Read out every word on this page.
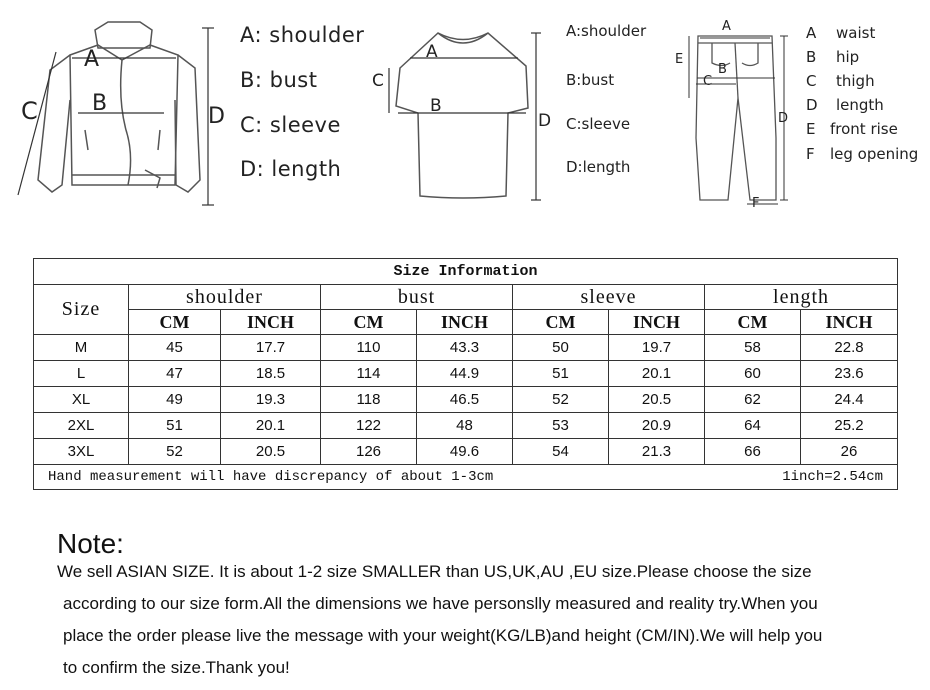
A
B
C	D
A: shoulder
B: bust
C: sleeve
D: length
A
B
C
D
A:shoulder
B:bust
C:sleeve
D:length
A
B
C
D
E
F
A waist
B hip
C thigh
D length
E front rise
F leg opening
Size Information								
Size	shoulder		bust		sleeve		length	
	CM	INCH	CM	INCH	CM	INCH	CM	INCH
M	45	17.7	110	43.3	50	19.7	58	22.8
L	47	18.5	114	44.9	51	20.1	60	23.6
XL	49	19.3	118	46.5	52	20.5	62	24.4
2XL	51	20.1	122	48	53	20.9	64	25.2
3XL	52	20.5	126	49.6	54	21.3	66	26
Hand measurement will have discrepancy of about 1-3cm 1inch=2.54cm								
Note:
We sell ASIAN SIZE. It is about 1-2 size SMALLER than US,UK,AU ,EU size.Please choose the size
according to our size form.All the dimensions we have personslly measured and reality try.When you
place the order please live the message with your weight(KG/LB)and height (CM/IN).We will help you
to confirm the size.Thank you!
